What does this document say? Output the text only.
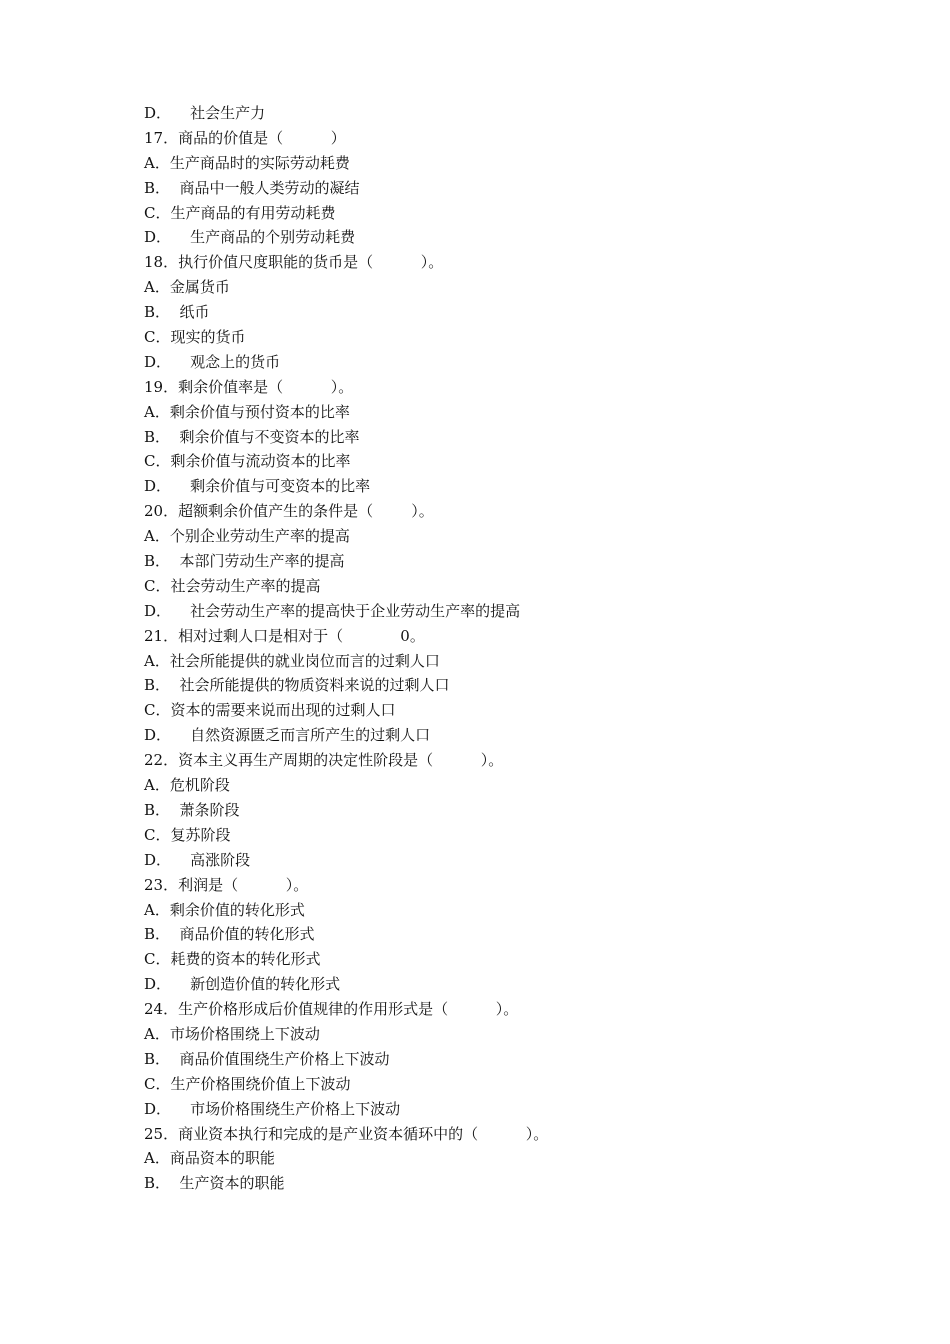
D．    社会生产力
17．商品的价值是（          ）
A．生产商品时的实际劳动耗费
B．  商品中一般人类劳动的凝结
C．生产商品的有用劳动耗费
D．    生产商品的个别劳动耗费
18．执行价值尺度职能的货币是（          ）。
A．金属货币
B．  纸币
C．现实的货币
D．    观念上的货币
19．剩余价值率是（          ）。
A．剩余价值与预付资本的比率
B．  剩余价值与不变资本的比率
C．剩余价值与流动资本的比率
D．    剩余价值与可变资本的比率
20．超额剩余价值产生的条件是（        ）。
A．个别企业劳动生产率的提高
B．  本部门劳动生产率的提高
C．社会劳动生产率的提高
D．    社会劳动生产率的提高快于企业劳动生产率的提高
21．相对过剩人口是相对于（            0。
A．社会所能提供的就业岗位而言的过剩人口
B．  社会所能提供的物质资料来说的过剩人口
C．资本的需要来说而出现的过剩人口
D．    自然资源匮乏而言所产生的过剩人口
22．资本主义再生产周期的决定性阶段是（          ）。
A．危机阶段
B．  萧条阶段
C．复苏阶段
D．    高涨阶段
23．利润是（          ）。
A．剩余价值的转化形式
B．  商品价值的转化形式
C．耗费的资本的转化形式
D．    新创造价值的转化形式
24．生产价格形成后价值规律的作用形式是（          ）。
A．市场价格围绕上下波动
B．  商品价值围绕生产价格上下波动
C．生产价格围绕价值上下波动
D．    市场价格围绕生产价格上下波动
25．商业资本执行和完成的是产业资本循环中的（          ）。
A．商品资本的职能
B．  生产资本的职能
